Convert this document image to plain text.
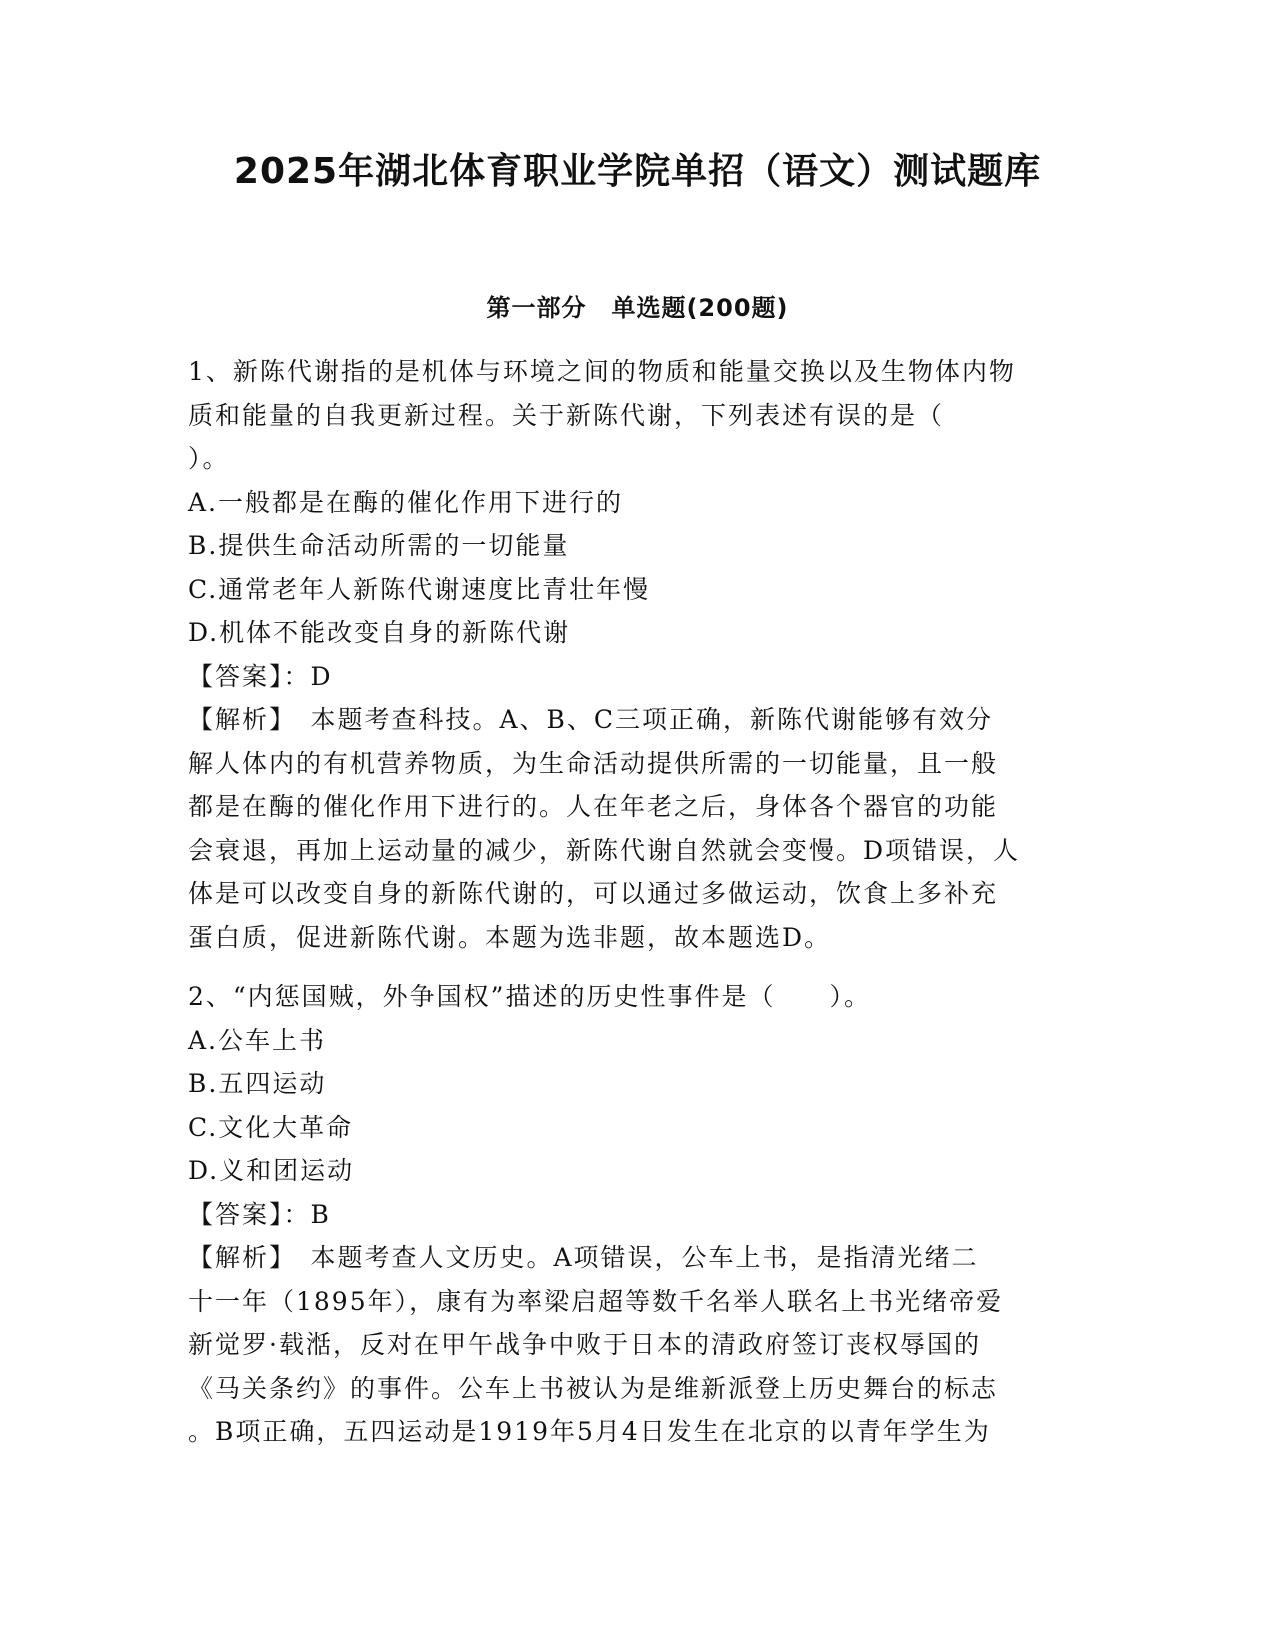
2025年湖北体育职业学院单招（语文）测试题库
第一部分　单选题(200题)
1、新陈代谢指的是机体与环境之间的物质和能量交换以及生物体内物
质和能量的自我更新过程。关于新陈代谢，下列表述有误的是（
）。
A.一般都是在酶的催化作用下进行的
B.提供生命活动所需的一切能量
C.通常老年人新陈代谢速度比青壮年慢
D.机体不能改变自身的新陈代谢
【答案】：D
【解析】　本题考查科技。A、B、C三项正确，新陈代谢能够有效分
解人体内的有机营养物质，为生命活动提供所需的一切能量，且一般
都是在酶的催化作用下进行的。人在年老之后，身体各个器官的功能
会衰退，再加上运动量的减少，新陈代谢自然就会变慢。D项错误，人
体是可以改变自身的新陈代谢的，可以通过多做运动，饮食上多补充
蛋白质，促进新陈代谢。本题为选非题，故本题选D。
2、“内惩国贼，外争国权”描述的历史性事件是（　　）。
A.公车上书
B.五四运动
C.文化大革命
D.义和团运动
【答案】：B
【解析】　本题考查人文历史。A项错误，公车上书，是指清光绪二
十一年（1895年），康有为率梁启超等数千名举人联名上书光绪帝爱
新觉罗·载湉，反对在甲午战争中败于日本的清政府签订丧权辱国的
《马关条约》的事件。公车上书被认为是维新派登上历史舞台的标志
。B项正确，五四运动是1919年5月4日发生在北京的以青年学生为
